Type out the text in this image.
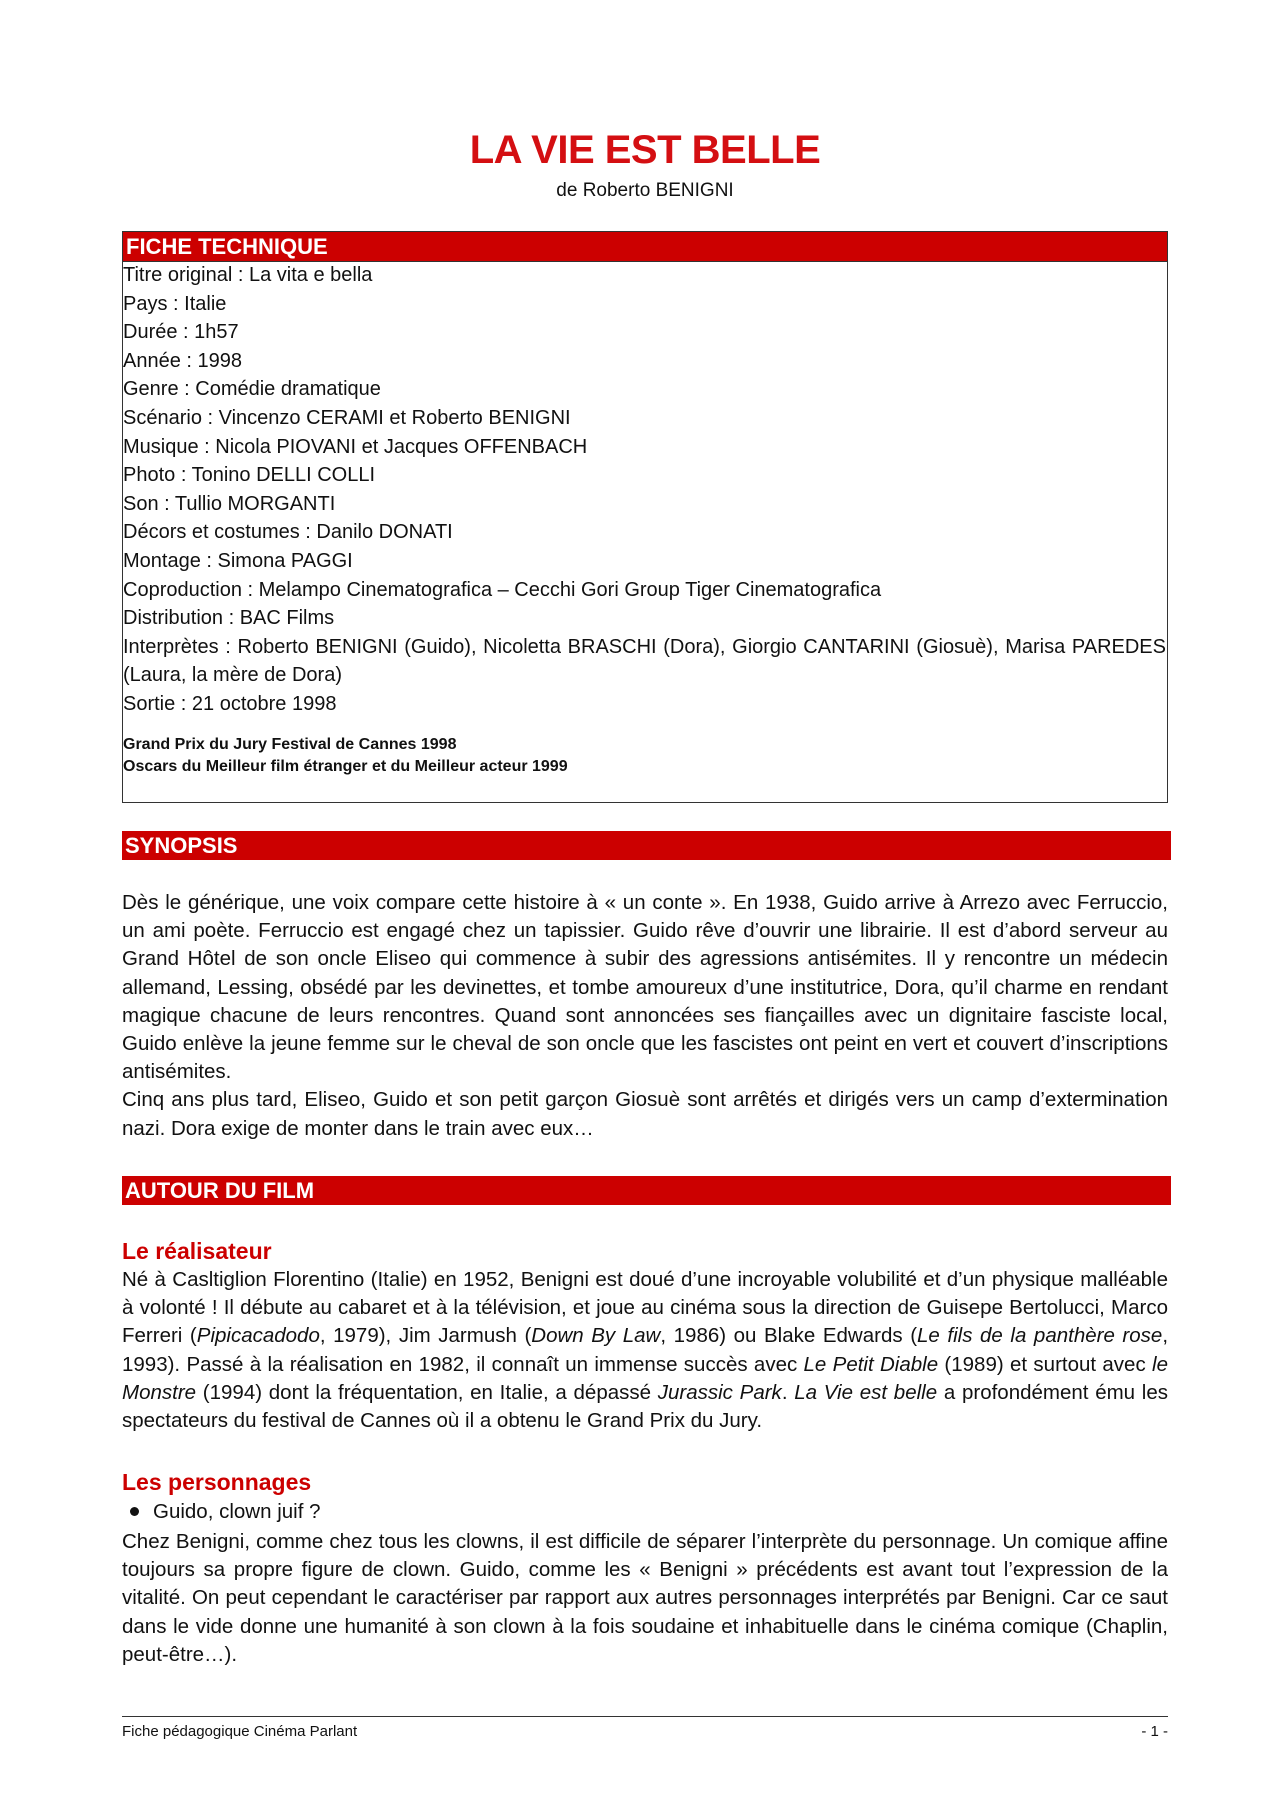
LA VIE EST BELLE
de Roberto BENIGNI
FICHE TECHNIQUE
Titre original : La vita e bella
Pays : Italie
Durée : 1h57
Année : 1998
Genre : Comédie dramatique
Scénario : Vincenzo CERAMI et Roberto BENIGNI
Musique : Nicola PIOVANI et Jacques OFFENBACH
Photo : Tonino DELLI COLLI
Son : Tullio MORGANTI
Décors et costumes : Danilo DONATI
Montage : Simona PAGGI
Coproduction : Melampo Cinematografica – Cecchi Gori Group Tiger Cinematografica
Distribution : BAC Films
Interprètes : Roberto BENIGNI (Guido), Nicoletta BRASCHI (Dora), Giorgio CANTARINI (Giosuè), Marisa PAREDES (Laura, la mère de Dora)
Sortie : 21 octobre 1998
Grand Prix du Jury Festival de Cannes 1998
Oscars du Meilleur film étranger et du Meilleur acteur 1999
SYNOPSIS
Dès le générique, une voix compare cette histoire à « un conte ». En 1938, Guido arrive à Arrezo avec Ferruccio, un ami poète. Ferruccio est engagé chez un tapissier. Guido rêve d’ouvrir une librairie. Il est d’abord serveur au Grand Hôtel de son oncle Eliseo qui commence à subir des agressions antisémites. Il y rencontre un médecin allemand, Lessing, obsédé par les devinettes, et tombe amoureux d’une institutrice, Dora, qu’il charme en rendant magique chacune de leurs rencontres. Quand sont annoncées ses fiançailles avec un dignitaire fasciste local, Guido enlève la jeune femme sur le cheval de son oncle que les fascistes ont peint en vert et couvert d’inscriptions antisémites.
Cinq ans plus tard, Eliseo, Guido et son petit garçon Giosuè sont arrêtés et dirigés vers un camp d’extermination nazi. Dora exige de monter dans le train avec eux…
AUTOUR DU FILM
Le réalisateur
Né à Casltiglion Florentino (Italie) en 1952, Benigni est doué d’une incroyable volubilité et d’un physique malléable à volonté ! Il débute au cabaret et à la télévision, et joue au cinéma sous la direction de Guisepe Bertolucci, Marco Ferreri (Pipicacadodo, 1979), Jim Jarmush (Down By Law, 1986) ou Blake Edwards (Le fils de la panthère rose, 1993). Passé à la réalisation en 1982, il connaît un immense succès avec Le Petit Diable (1989) et surtout avec le Monstre (1994) dont la fréquentation, en Italie, a dépassé Jurassic Park. La Vie est belle a profondément ému les spectateurs du festival de Cannes où il a obtenu le Grand Prix du Jury.
Les personnages
Guido, clown juif ?
Chez Benigni, comme chez tous les clowns, il est difficile de séparer l’interprète du personnage. Un comique affine toujours sa propre figure de clown. Guido, comme les « Benigni » précédents est avant tout l’expression de la vitalité. On peut cependant le caractériser par rapport aux autres personnages interprétés par Benigni. Car ce saut dans le vide donne une humanité à son clown à la fois soudaine et inhabituelle dans le cinéma comique (Chaplin, peut-être…).
Fiche pédagogique Cinéma Parlant	- 1 -
